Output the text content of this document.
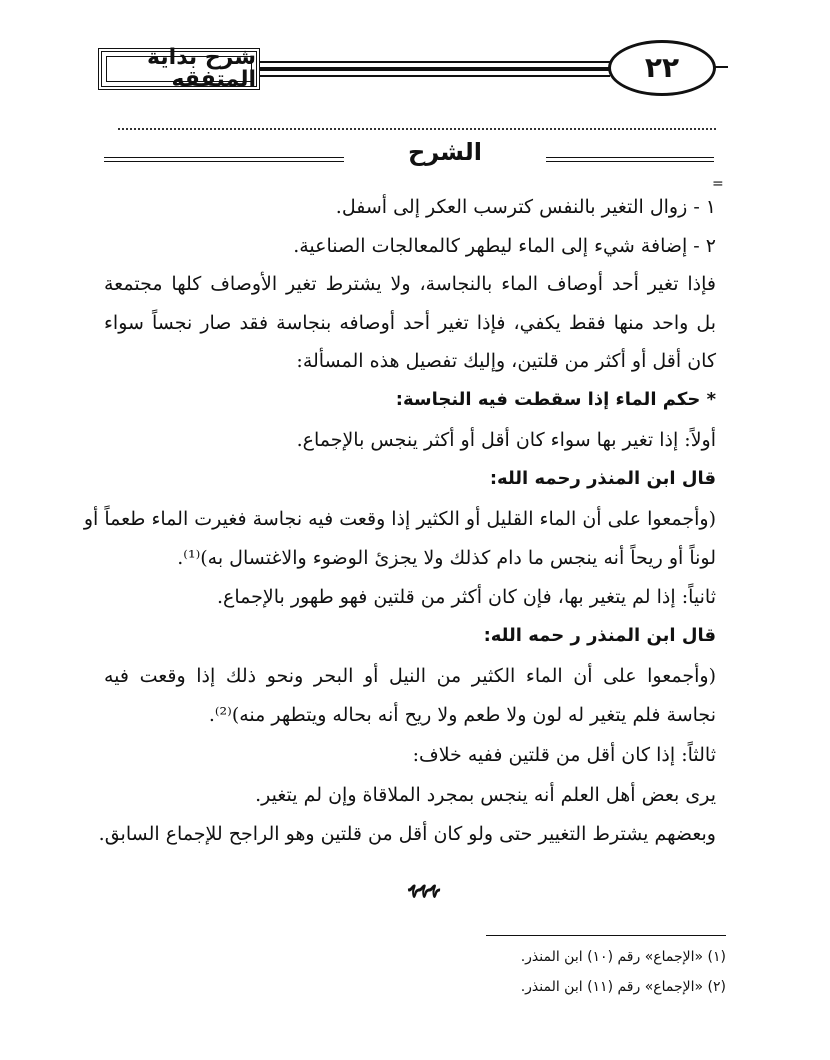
شرح بداية المتفقه	٢٢
الشرح
=
١ - زوال التغير بالنفس كترسب العكر إلى أسفل.
٢ - إضافة شيء إلى الماء ليطهر كالمعالجات الصناعية.
فإذا تغير أحد أوصاف الماء بالنجاسة، ولا يشترط تغير الأوصاف كلها مجتمعة
بل واحد منها فقط يكفي، فإذا تغير أحد أوصافه بنجاسة فقد صار نجساً سواء
كان أقل أو أكثر من قلتين، وإليك تفصيل هذه المسألة:
* حكم الماء إذا سقطت فيه النجاسة:
أولاً: إذا تغير بها سواء كان أقل أو أكثر ينجس بالإجماع.
قال ابن المنذر رحمه الله:
(وأجمعوا على أن الماء القليل أو الكثير إذا وقعت فيه نجاسة فغيرت الماء طعماً أو
لوناً أو ريحاً أنه ينجس ما دام كذلك ولا يجزئ الوضوء والاغتسال به)⁽¹⁾.
ثانياً: إذا لم يتغير بها، فإن كان أكثر من قلتين فهو طهور بالإجماع.
قال ابن المنذر ر حمه الله:
(وأجمعوا على أن الماء الكثير من النيل أو البحر ونحو ذلك إذا وقعت فيه
نجاسة فلم يتغير له لون ولا طعم ولا ريح أنه بحاله ويتطهر منه)⁽²⁾.
ثالثاً: إذا كان أقل من قلتين ففيه خلاف:
يرى بعض أهل العلم أنه ينجس بمجرد الملاقاة وإن لم يتغير.
وبعضهم يشترط التغيير حتى ولو كان أقل من قلتين وهو الراجح للإجماع السابق.
ﮩﮩﮩ
(١) «الإجماع» رقم (١٠) ابن المنذر.
(٢) «الإجماع» رقم (١١) ابن المنذر.
